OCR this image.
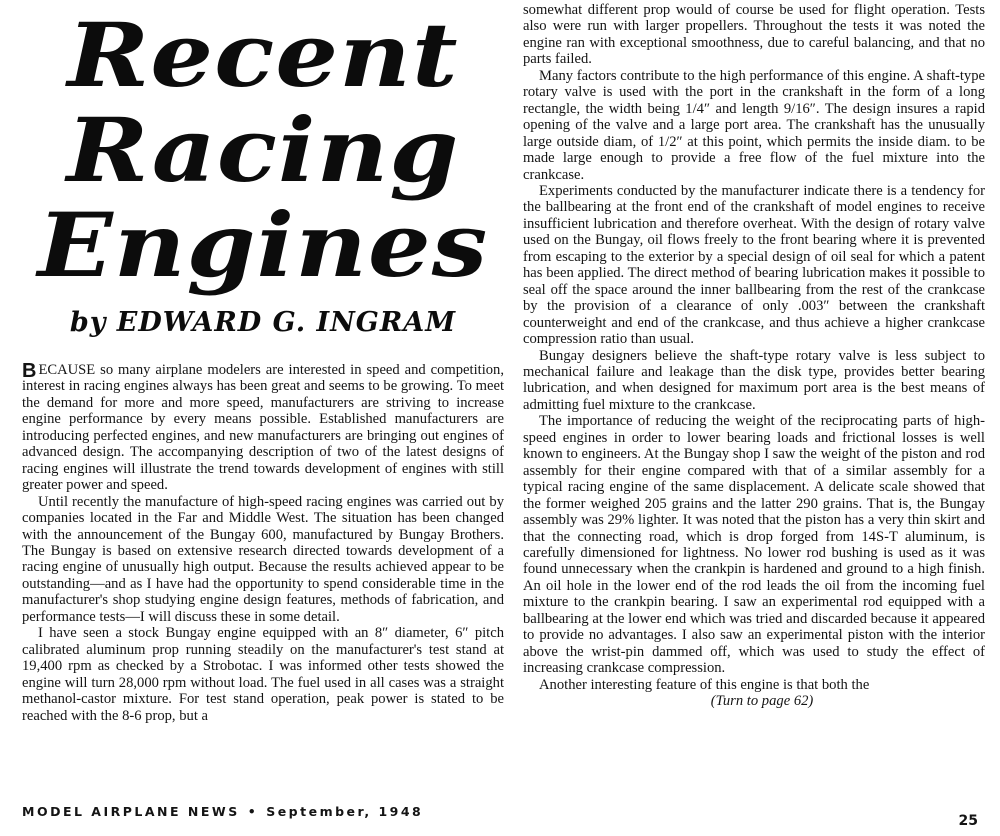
Recent
Racing
Engines
by EDWARD G. INGRAM

B ECAUSE so many airplane modelers are interested in speed and competition, interest in racing engines always has been great and seems to be growing. To meet the demand for more and more speed, manufacturers are striving to increase engine performance by every means possible. Established manufacturers are introducing perfected engines, and new manufacturers are bringing out engines of advanced design. The accompanying description of two of the latest designs of racing engines will illustrate the trend towards development of engines with still greater power and speed.

Until recently the manufacture of high-speed racing engines was carried out by companies located in the Far and Middle West. The situation has been changed with the announcement of the Bungay 600, manufactured by Bungay Brothers. The Bungay is based on extensive research directed towards development of a racing engine of unusually high output. Because the results achieved appear to be outstanding—and as I have had the opportunity to spend considerable time in the manufacturer's shop studying engine design features, methods of fabrication, and performance tests—I will discuss these in some detail.

I have seen a stock Bungay engine equipped with an 8″ diameter, 6″ pitch calibrated aluminum prop running steadily on the manufacturer's test stand at 19,400 rpm as checked by a Strobotac. I was informed other tests showed the engine will turn 28,000 rpm without load. The fuel used in all cases was a straight methanol-castor mixture. For test stand operation, peak power is stated to be reached with the 8-6 prop, but a

somewhat different prop would of course be used for flight operation. Tests also were run with larger propellers. Throughout the tests it was noted the engine ran with exceptional smoothness, due to careful balancing, and that no parts failed.

Many factors contribute to the high performance of this engine. A shaft-type rotary valve is used with the port in the crankshaft in the form of a long rectangle, the width being 1/4″ and length 9/16″. The design insures a rapid opening of the valve and a large port area. The crankshaft has the unusually large outside diam, of 1/2″ at this point, which permits the inside diam. to be made large enough to provide a free flow of the fuel mixture into the crankcase.

Experiments conducted by the manufacturer indicate there is a tendency for the ballbearing at the front end of the crankshaft of model engines to receive insufficient lubrication and therefore overheat. With the design of rotary valve used on the Bungay, oil flows freely to the front bearing where it is prevented from escaping to the exterior by a special design of oil seal for which a patent has been applied. The direct method of bearing lubrication makes it possible to seal off the space around the inner ballbearing from the rest of the crankcase by the provision of a clearance of only .003″ between the crankshaft counterweight and end of the crankcase, and thus achieve a higher crankcase compression ratio than usual.

Bungay designers believe the shaft-type rotary valve is less subject to mechanical failure and leakage than the disk type, provides better bearing lubrication, and when designed for maximum port area is the best means of admitting fuel mixture to the crankcase.

The importance of reducing the weight of the reciprocating parts of high-speed engines in order to lower bearing loads and frictional losses is well known to engineers. At the Bungay shop I saw the weight of the piston and rod assembly for their engine compared with that of a similar assembly for a typical racing engine of the same displacement. A delicate scale showed that the former weighed 205 grains and the latter 290 grains. That is, the Bungay assembly was 29% lighter. It was noted that the piston has a very thin skirt and that the connecting road, which is drop forged from 14S-T aluminum, is carefully dimensioned for lightness. No lower rod bushing is used as it was found unnecessary when the crankpin is hardened and ground to a high finish. An oil hole in the lower end of the rod leads the oil from the incoming fuel mixture to the crankpin bearing. I saw an experimental rod equipped with a ballbearing at the lower end which was tried and discarded because it appeared to provide no advantages. I also saw an experimental piston with the interior above the wrist-pin dammed off, which was used to study the effect of increasing crankcase compression.

Another interesting feature of this engine is that both the

(Turn to page 62)

MODEL AIRPLANE NEWS • September, 1948
25
